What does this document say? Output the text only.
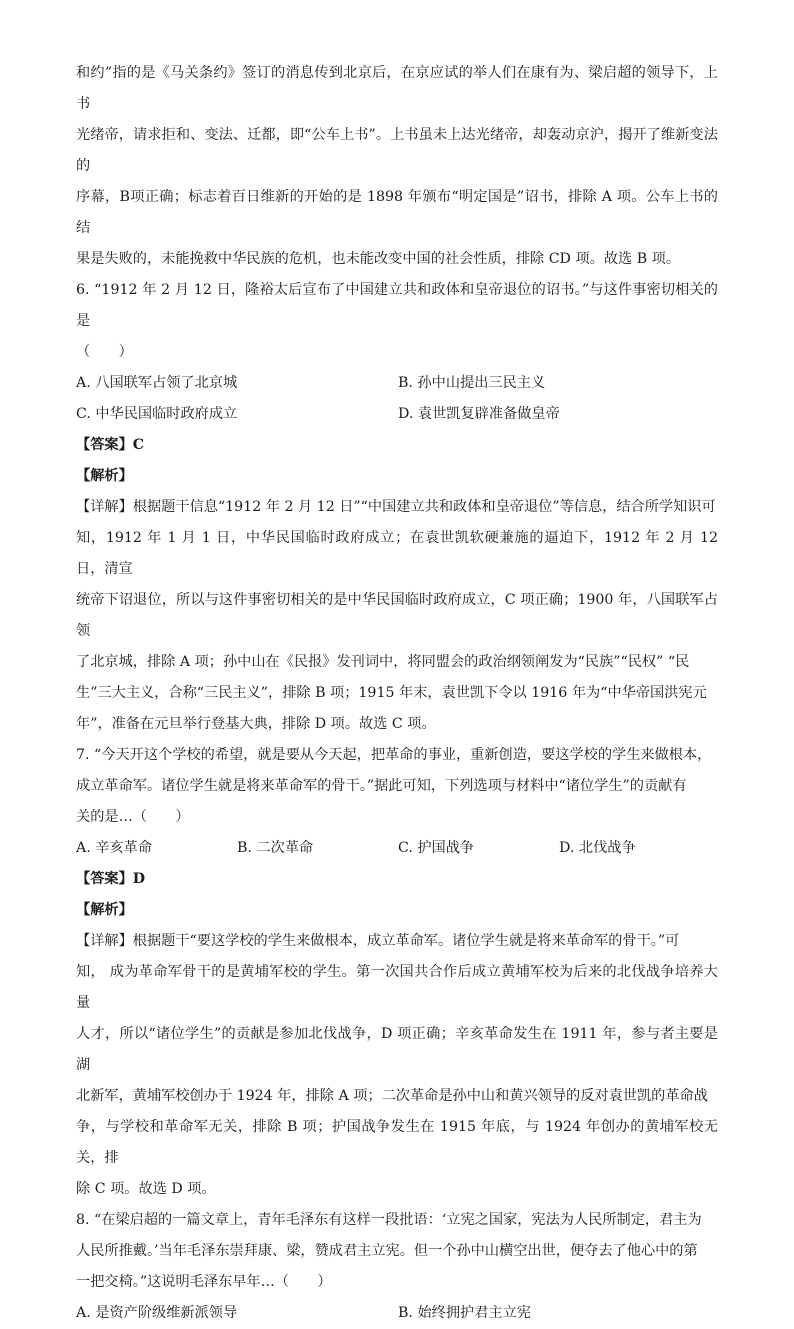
和约”指的是《马关条约》签订的消息传到北京后，在京应试的举人们在康有为、梁启超的领导下，上书

光绪帝，请求拒和、变法、迁都，即“公车上书”。上书虽未上达光绪帝，却轰动京沪，揭开了维新变法的

序幕，B项正确；标志着百日维新的开始的是 1898 年颁布“明定国是”诏书，排除 A 项。公车上书的结

果是失败的，未能挽救中华民族的危机，也未能改变中国的社会性质，排除 CD 项。故选 B 项。

6. “1912 年 2 月 12 日，隆裕太后宣布了中国建立共和政体和皇帝退位的诏书。”与这件事密切相关的是

（　　）

A. 八国联军占领了北京城	B. 孙中山提出三民主义
C. 中华民国临时政府成立	D. 袁世凯复辟准备做皇帝

【答案】C

【解析】

【详解】根据题干信息“1912 年 2 月 12 日”“中国建立共和政体和皇帝退位”等信息，结合所学知识可

知，1912 年 1 月 1 日，中华民国临时政府成立；在袁世凯软硬兼施的逼迫下，1912 年 2 月 12 日，清宣

统帝下诏退位，所以与这件事密切相关的是中华民国临时政府成立，C 项正确；1900 年，八国联军占领

了北京城，排除 A 项；孙中山在《民报》发刊词中，将同盟会的政治纲领阐发为“民族”“民权” “民

生”三大主义，合称“三民主义”，排除 B 项；1915 年末，袁世凯下令以 1916 年为“中华帝国洪宪元

年”，准备在元旦举行登基大典，排除 D 项。故选 C 项。

7. “今天开这个学校的希望，就是要从今天起，把革命的事业，重新创造，要这学校的学生来做根本，

成立革命军。诸位学生就是将来革命军的骨干。”据此可知，下列选项与材料中“诸位学生”的贡献有

关的是…（　　）

A. 辛亥革命	B. 二次革命	C. 护国战争	D. 北伐战争

【答案】D

【解析】

【详解】根据题干“要这学校的学生来做根本，成立革命军。诸位学生就是将来革命军的骨干。”可

知， 成为革命军骨干的是黄埔军校的学生。第一次国共合作后成立黄埔军校为后来的北伐战争培养大量

人才，所以“诸位学生”的贡献是参加北伐战争，D 项正确；辛亥革命发生在 1911 年，参与者主要是湖

北新军，黄埔军校创办于 1924 年，排除 A 项；二次革命是孙中山和黄兴领导的反对袁世凯的革命战

争，与学校和革命军无关，排除 B 项；护国战争发生在 1915 年底，与 1924 年创办的黄埔军校无关，排

除 C 项。故选 D 项。

8. “在梁启超的一篇文章上，青年毛泽东有这样一段批语：‘立宪之国家，宪法为人民所制定，君主为

人民所推戴。’当年毛泽东崇拜康、梁，赞成君主立宪。但一个孙中山横空出世，便夺去了他心中的第

一把交椅。”这说明毛泽东早年…（　　）

A. 是资产阶级维新派领导	B. 始终拥护君主立宪
